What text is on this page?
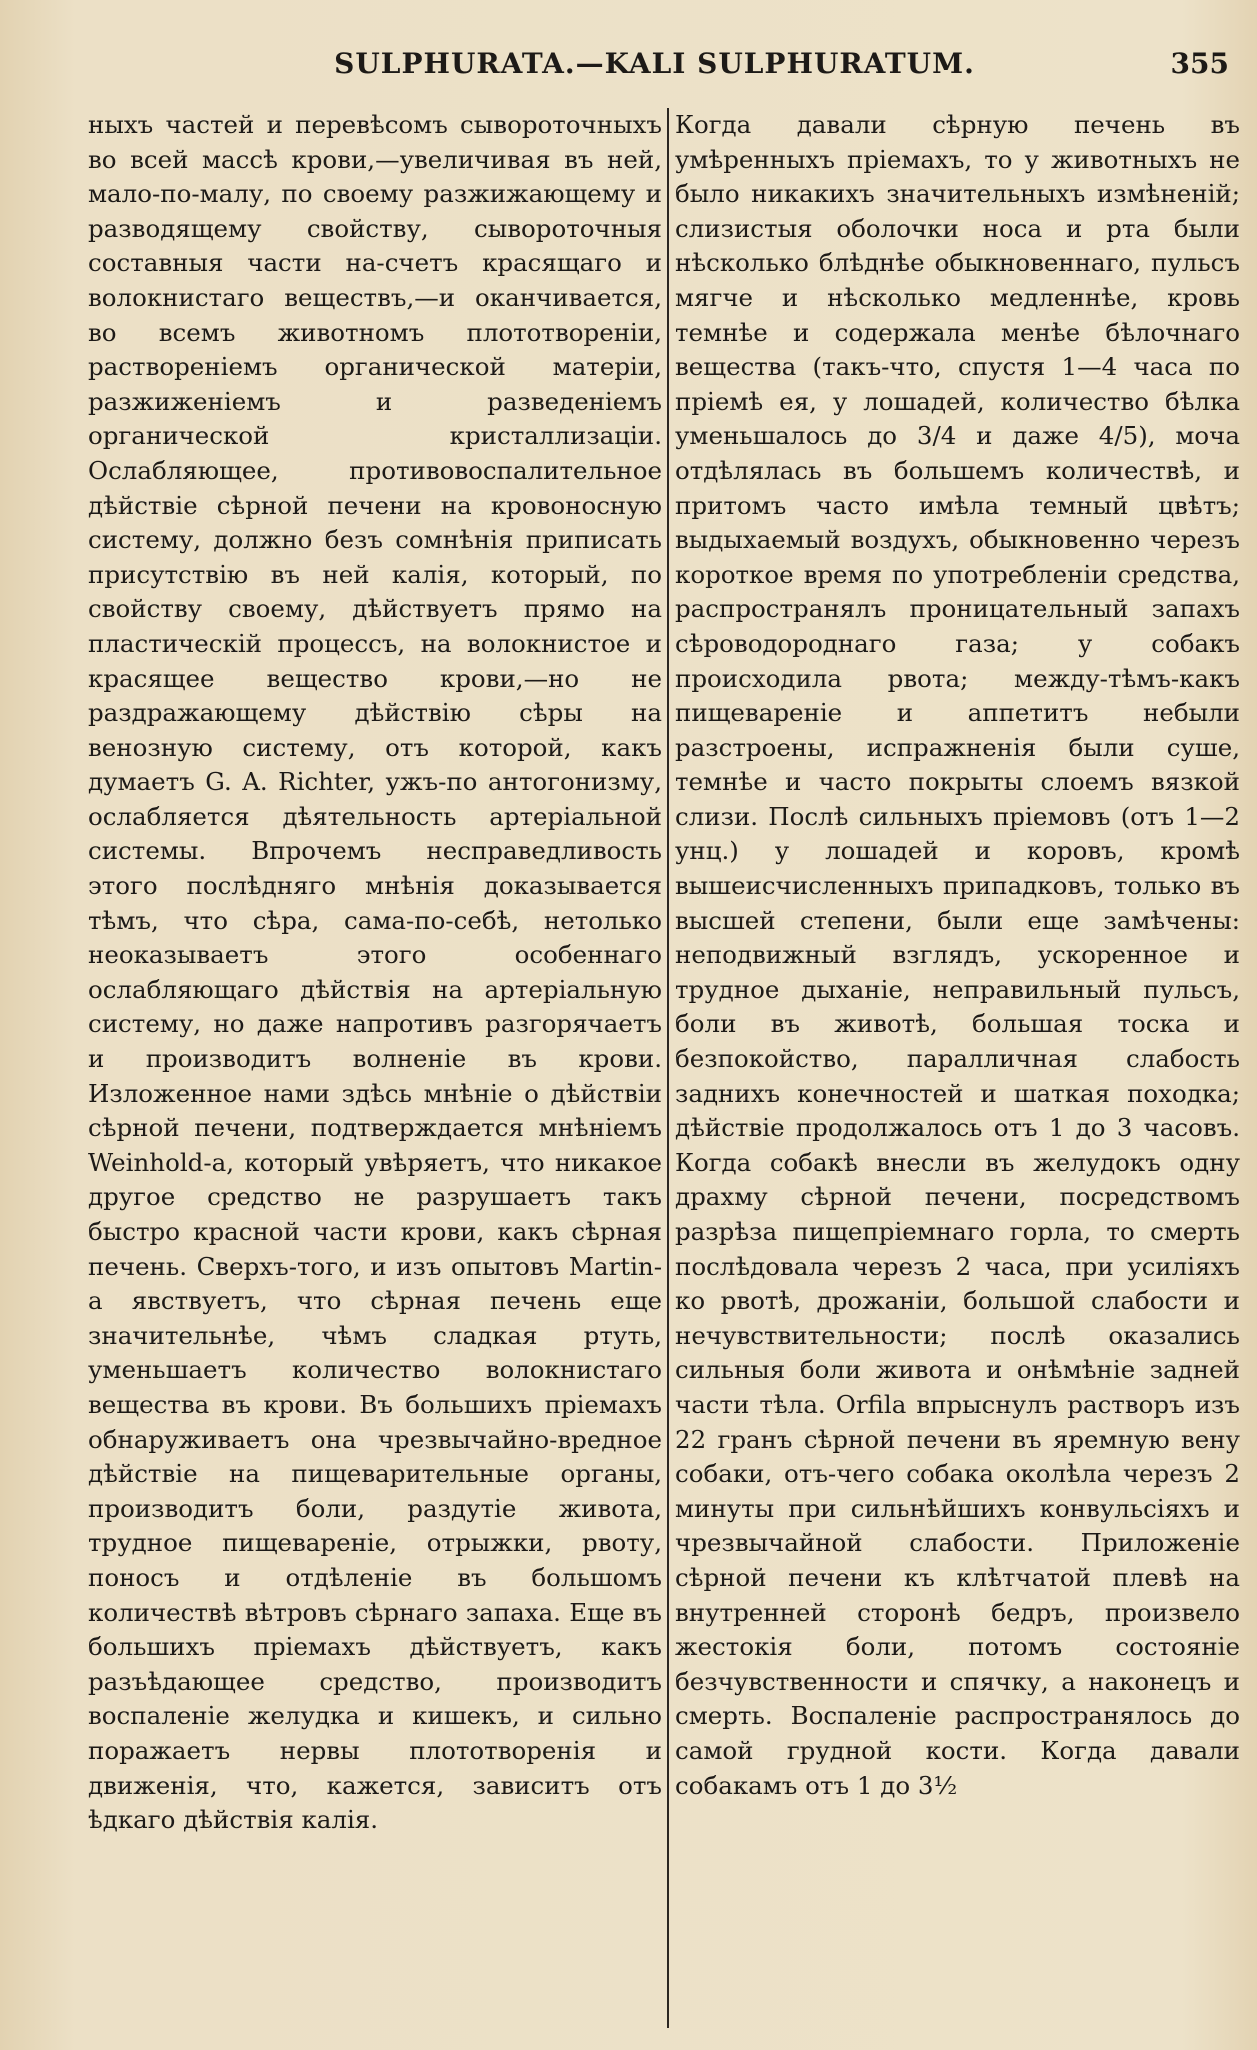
SULPHURATA.—KALI SULPHURATUM.	355

ныхъ частей и перевѣсомъ сывороточныхъ во всей массѣ крови,—увеличивая въ ней, мало-по-малу, по своему разжижающему и разводящему свойству, сывороточныя составныя части на-счетъ красящаго и волокнистаго веществъ,—и оканчивается, во всемъ животномъ плототвореніи, раствореніемъ органической матеріи, разжиженіемъ и разведеніемъ органической кристаллизаціи. Ослабляющее, противовоспалительное дѣйствіе сѣрной печени на кровоносную систему, должно безъ сомнѣнія приписать присутствію въ ней калія, который, по свойству своему, дѣйствуетъ прямо на пластическій процессъ, на волокнистое и красящее вещество крови,—но не раздражающему дѣйствію сѣры на венозную систему, отъ которой, какъ думаетъ G. A. Richter, ужъ-по антогонизму, ослабляется дѣятельность артеріальной системы. Впрочемъ несправедливость этого послѣдняго мнѣнія доказывается тѣмъ, что сѣра, сама-по-себѣ, нетолько неоказываетъ этого особеннаго ослабляющаго дѣйствія на артеріальную систему, но даже напротивъ разгорячаетъ и производитъ волненіе въ крови. Изложенное нами здѣсь мнѣніе о дѣйствіи сѣрной печени, подтверждается мнѣніемъ Weinhold-a, который увѣряетъ, что никакое другое средство не разрушаетъ такъ быстро красной части крови, какъ сѣрная печень. Сверхъ-того, и изъ опытовъ Martin-a явствуетъ, что сѣрная печень еще значительнѣе, чѣмъ сладкая ртуть, уменьшаетъ количество волокнистаго вещества въ крови. Въ большихъ пріемахъ обнаруживаетъ она чрезвычайно-вредное дѣйствіе на пищеварительные органы, производитъ боли, раздутіе живота, трудное пищевареніе, отрыжки, рвоту, поносъ и отдѣленіе въ большомъ количествѣ вѣтровъ сѣрнаго запаха. Еще въ большихъ пріемахъ дѣйствуетъ, какъ разъѣдающее средство, производитъ воспаленіе желудка и кишекъ, и сильно поражаетъ нервы плототворенія и движенія, что, кажется, зависитъ отъ ѣдкаго дѣйствія калія.

Когда давали сѣрную печень въ умѣренныхъ пріемахъ, то у животныхъ не было никакихъ значительныхъ измѣненій; слизистыя оболочки носа и рта были нѣсколько блѣднѣе обыкновеннаго, пульсъ мягче и нѣсколько медленнѣе, кровь темнѣе и содержала менѣе бѣлочнаго вещества (такъ-что, спустя 1—4 часа по пріемѣ ея, у лошадей, количество бѣлка уменьшалось до 3/4 и даже 4/5), моча отдѣлялась въ большемъ количествѣ, и притомъ часто имѣла темный цвѣтъ; выдыхаемый воздухъ, обыкновенно черезъ короткое время по употребленіи средства, распространялъ проницательный запахъ сѣроводороднаго газа; у собакъ происходила рвота; между-тѣмъ-какъ пищевареніе и аппетитъ небыли разстроены, испражненія были суше, темнѣе и часто покрыты слоемъ вязкой слизи. Послѣ сильныхъ пріемовъ (отъ 1—2 унц.) у лошадей и коровъ, кромѣ вышеисчисленныхъ припадковъ, только въ высшей степени, были еще замѣчены: неподвижный взглядъ, ускоренное и трудное дыханіе, неправильный пульсъ, боли въ животѣ, большая тоска и безпокойство, паралличная слабость заднихъ конечностей и шаткая походка; дѣйствіе продолжалось отъ 1 до 3 часовъ. Когда собакѣ внесли въ желудокъ одну драхму сѣрной печени, посредствомъ разрѣза пищепріемнаго горла, то смерть послѣдовала черезъ 2 часа, при усиліяхъ ко рвотѣ, дрожаніи, большой слабости и нечувствительности; послѣ оказались сильныя боли живота и онѣмѣніе задней части тѣла. Orfila впрыснулъ растворъ изъ 22 гранъ сѣрной печени въ яремную вену собаки, отъ-чего собака околѣла черезъ 2 минуты при сильнѣйшихъ конвульсіяхъ и чрезвычайной слабости. Приложеніе сѣрной печени къ клѣтчатой плевѣ на внутренней сторонѣ бедръ, произвело жестокія боли, потомъ состояніе безчувственности и спячку, а наконецъ и смерть. Воспаленіе распространялось до самой грудной кости. Когда давали собакамъ отъ 1 до 3½
